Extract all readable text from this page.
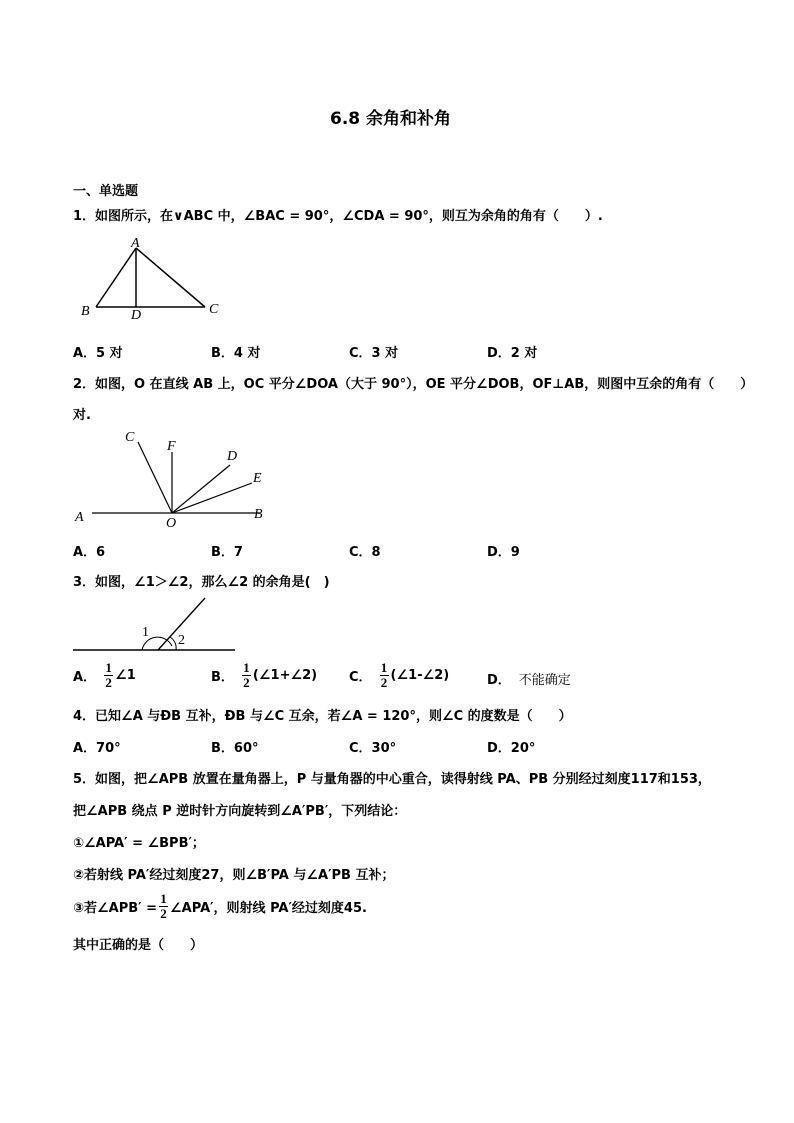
6.8 余角和补角
一、单选题
1．如图所示，在∨ABC 中，∠BAC = 90°，∠CDA = 90°，则互为余角的角有（　　）.
A
B	D	C
A．5 对	B．4 对	C．3 对	D．2 对
2．如图，O 在直线 AB 上，OC 平分∠DOA（大于 90°），OE 平分∠DOB，OF⊥AB，则图中互余的角有（　　）
对.
C
F
D
E
A	O
B
A．6	B．7	C．8	D．9
3．如图，∠1＞∠2，那么∠2 的余角是(　)
1
2
A． $\frac{1}{2}$ ∠1	B． $\frac{1}{2}$ (∠1+∠2) C． $\frac{1}{2}$ (∠1-∠2)	D． 不能确定
4．已知∠A 与ÐB 互补，ÐB 与∠C 互余，若∠A = 120°，则∠C 的度数是（　　）
A．70°	B．60°	C．30°	D．20°
5．如图，把∠APB 放置在量角器上，P 与量角器的中心重合，读得射线 PA、PB 分别经过刻度117和153，
把∠APB 绕点 P 逆时针方向旋转到∠A′PB′，下列结论：
①∠APA′ = ∠BPB′；
②若射线 PA′经过刻度27，则∠B′PA 与∠A′PB 互补；
③若∠APB′ = $\frac{1}{2}$ ∠APA′，则射线 PA′经过刻度45.
其中正确的是（　　）
